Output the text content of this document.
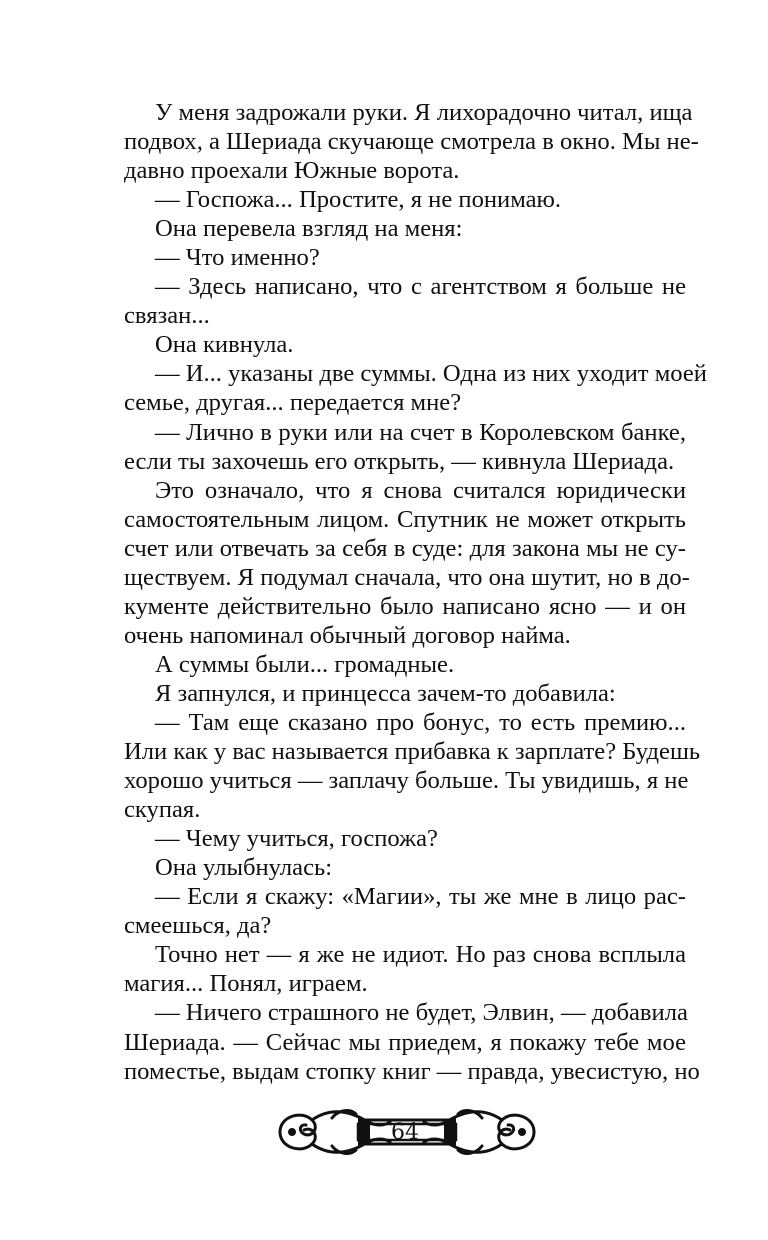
У меня задрожали руки. Я лихорадочно читал, ища
подвох, а Шериада скучающе смотрела в окно. Мы не-
давно проехали Южные ворота.
— Госпожа... Простите, я не понимаю.
Она перевела взгляд на меня:
— Что именно?
— Здесь написано, что с агентством я больше не
связан...
Она кивнула.
— И... указаны две суммы. Одна из них уходит моей
семье, другая... передается мне?
— Лично в руки или на счет в Королевском банке,
если ты захочешь его открыть, — кивнула Шериада.
Это означало, что я снова считался юридически
самостоятельным лицом. Спутник не может открыть
счет или отвечать за себя в суде: для закона мы не су-
ществуем. Я подумал сначала, что она шутит, но в до-
кументе действительно было написано ясно — и он
очень напоминал обычный договор найма.
А суммы были... громадные.
Я запнулся, и принцесса зачем-то добавила:
— Там еще сказано про бонус, то есть премию...
Или как у вас называется прибавка к зарплате? Будешь
хорошо учиться — заплачу больше. Ты увидишь, я не
скупая.
— Чему учиться, госпожа?
Она улыбнулась:
— Если я скажу: «Магии», ты же мне в лицо рас-
смеешься, да?
Точно нет — я же не идиот. Но раз снова всплыла
магия... Понял, играем.
— Ничего страшного не будет, Элвин, — добавила
Шериада. — Сейчас мы приедем, я покажу тебе мое
поместье, выдам стопку книг — правда, увесистую, но
64
